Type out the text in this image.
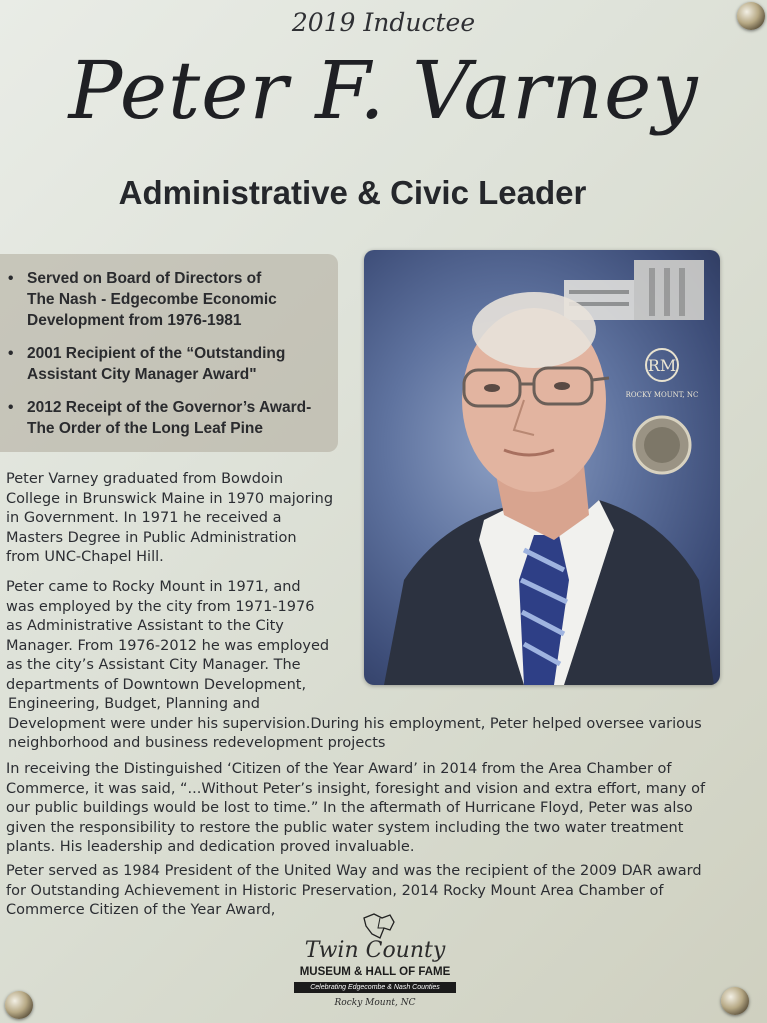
2019 Inductee
Peter F. Varney
Administrative & Civic Leader
• Served on Board of Directors of
The Nash - Edgecombe Economic
Development from 1976-1981
• 2001 Recipient of the “Outstanding
Assistant City Manager Award"
• 2012 Receipt of the Governor’s Award-
The Order of the Long Leaf Pine
RM
ROCKY MOUNT, NC
Peter Varney graduated from Bowdoin
College in Brunswick Maine in 1970 majoring
in Government. In 1971 he received a
Masters Degree in Public Administration
from UNC-Chapel Hill.
Peter came to Rocky Mount in 1971, and
was employed by the city from 1971-1976
as Administrative Assistant to the City
Manager. From 1976-2012 he was employed
as the city’s Assistant City Manager. The
departments of Downtown Development,
Engineering, Budget, Planning and
Development were under his supervision.During his employment, Peter helped oversee various
neighborhood and business redevelopment projects
In receiving the Distinguished ‘Citizen of the Year Award’ in 2014 from the Area Chamber of
Commerce, it was said, “...Without Peter’s insight, foresight and vision and extra effort, many of
our public buildings would be lost to time.” In the aftermath of Hurricane Floyd, Peter was also
given the responsibility to restore the public water system including the two water treatment
plants. His leadership and dedication proved invaluable.
Peter served as 1984 President of the United Way and was the recipient of the 2009 DAR award
for Outstanding Achievement in Historic Preservation, 2014 Rocky Mount Area Chamber of
Commerce Citizen of the Year Award,
Twin County
MUSEUM & HALL OF FAME
Celebrating Edgecombe & Nash Counties
Rocky Mount, NC
